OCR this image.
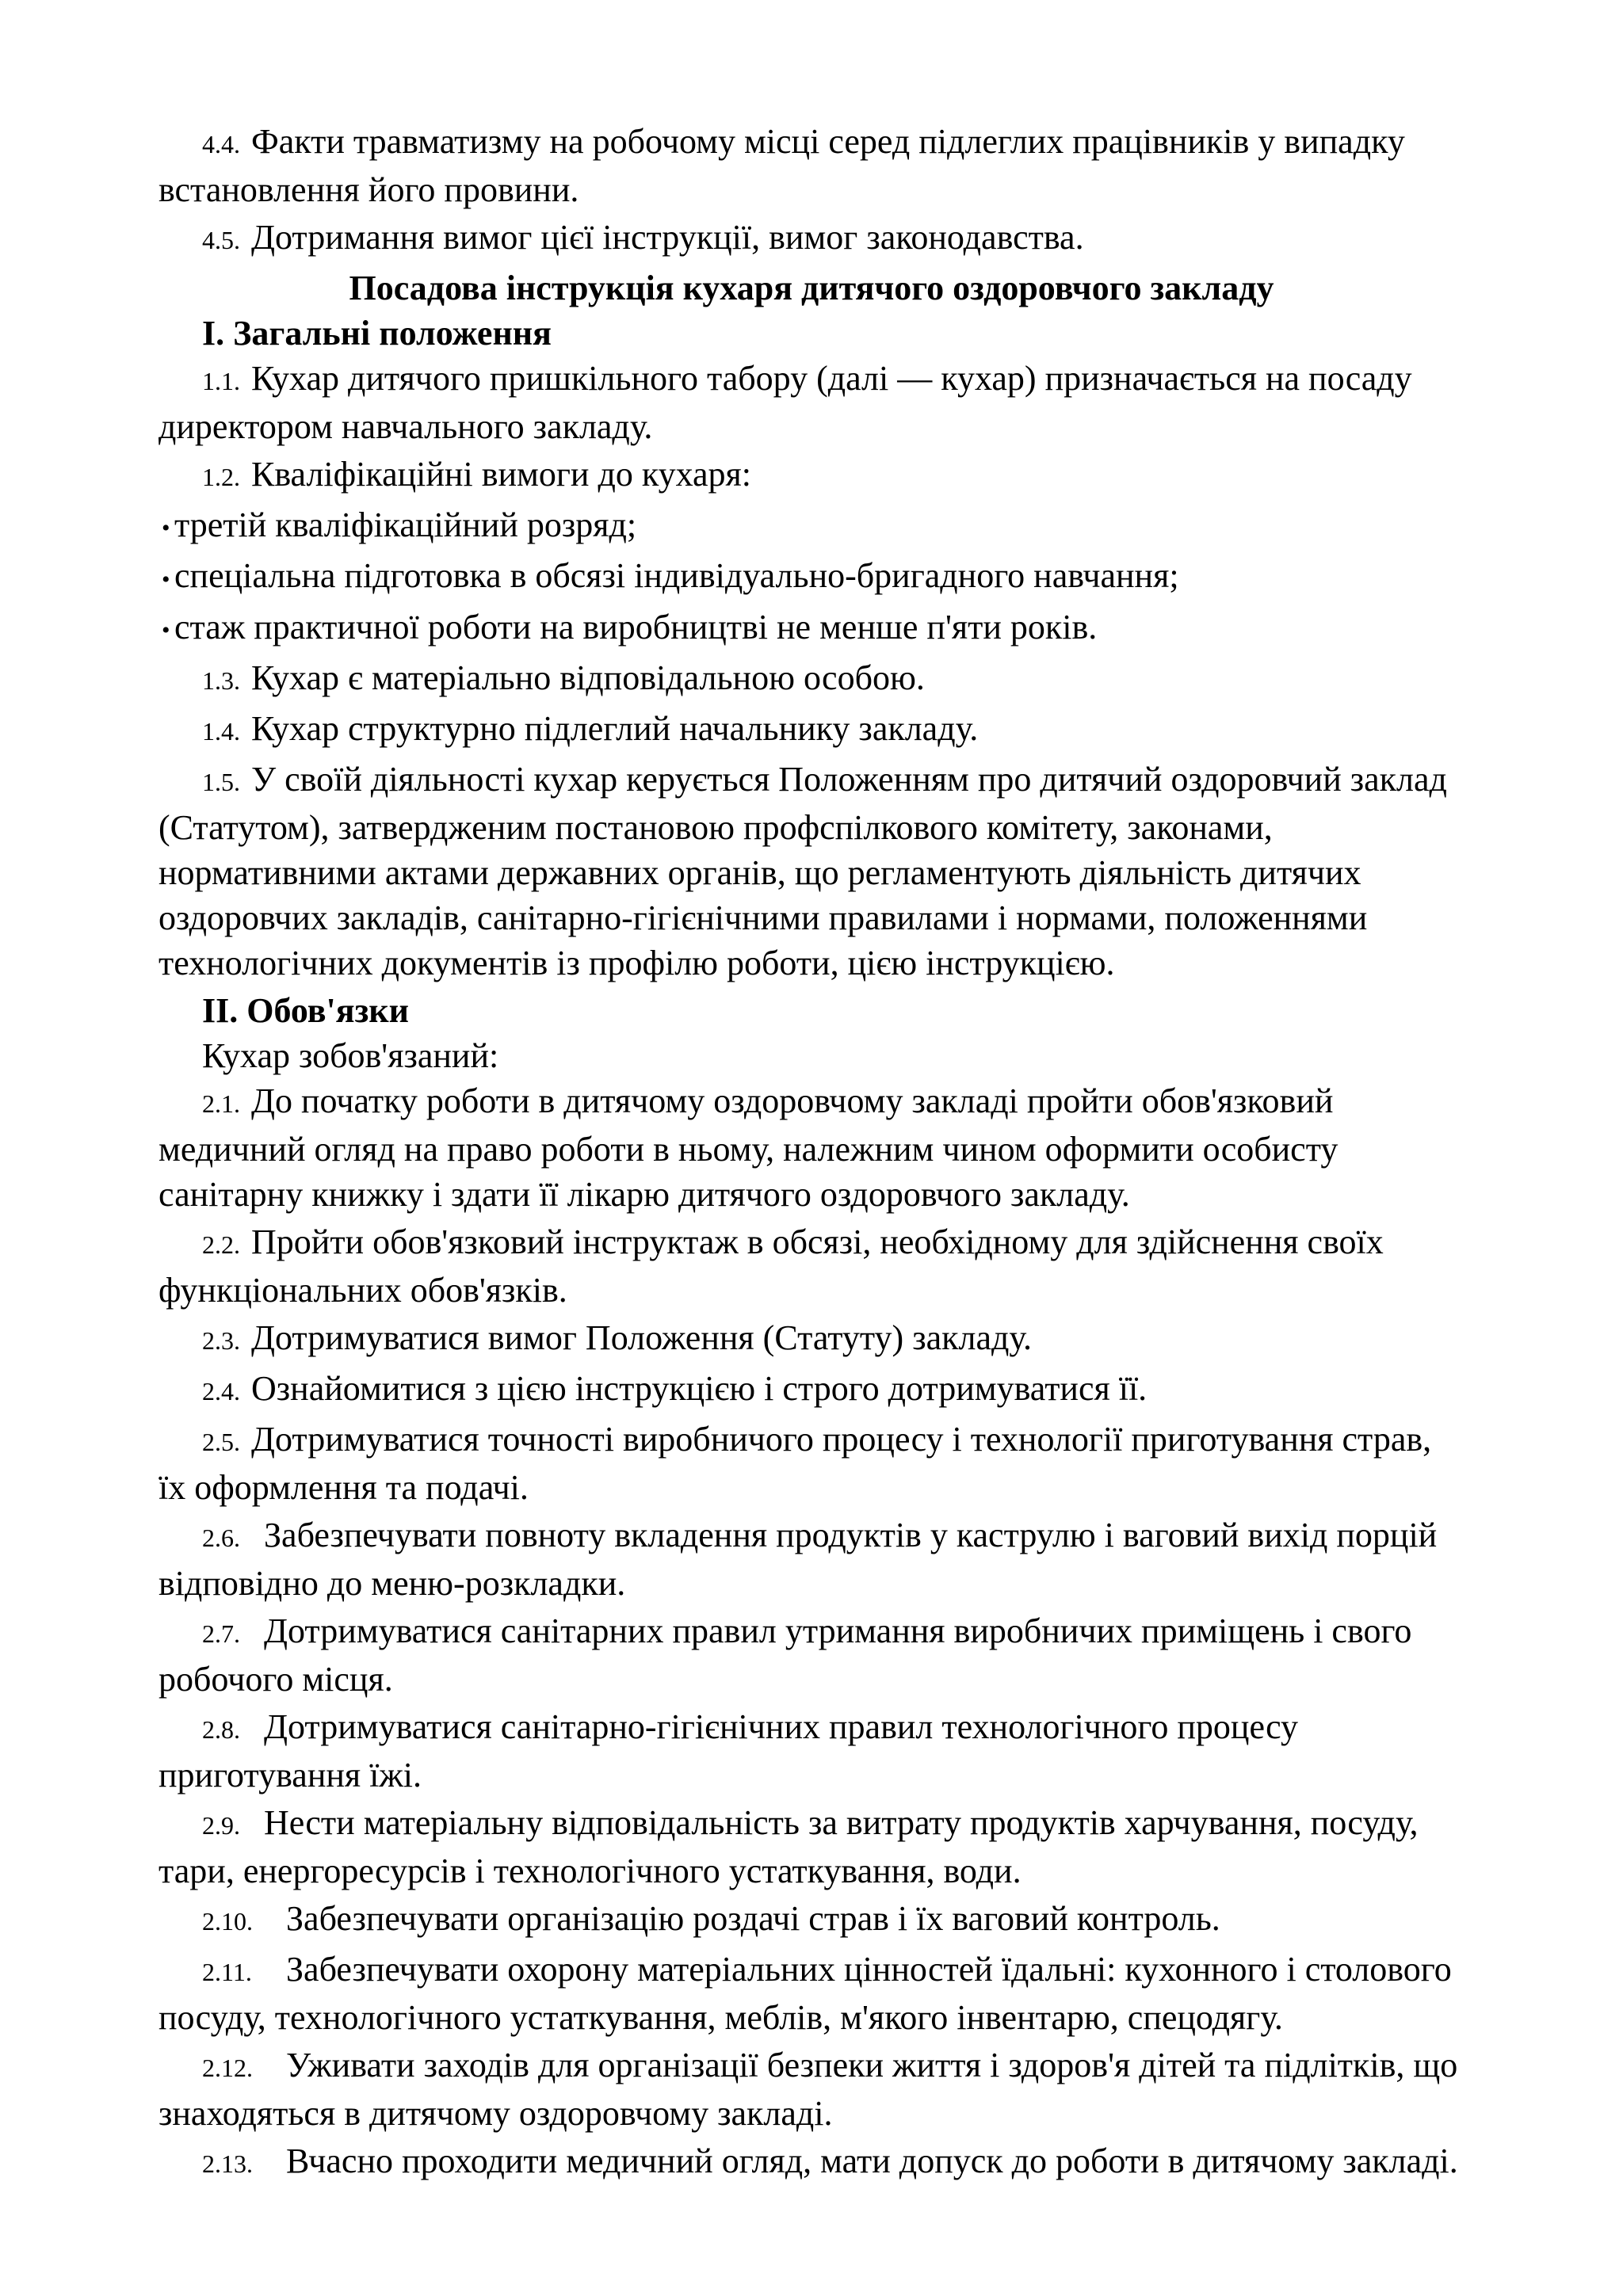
4.4. Факти травматизму на робочому місці серед підлеглих працівників у випадку встановлення його провини.

4.5. Дотримання вимог цієї інструкції, вимог законодавства.

Посадова інструкція кухаря дитячого оздоровчого закладу

І. Загальні положення

1.1. Кухар дитячого пришкільного табору (далі — кухар) призначається на посаду директором навчального закладу.

1.2. Кваліфікаційні вимоги до кухаря:

• третій кваліфікаційний розряд;

• спеціальна підготовка в обсязі індивідуально-бригадного навчання;

• стаж практичної роботи на виробництві не менше п'яти років.

1.3. Кухар є матеріально відповідальною особою.

1.4. Кухар структурно підлеглий начальнику закладу.

1.5. У своїй діяльності кухар керується Положенням про дитячий оздоровчий заклад (Статутом), затвердженим постановою профспілкового комітету, законами, нормативними актами державних органів, що регламентують діяльність дитячих оздоровчих закладів, санітарно-гігієнічними правилами і нормами, положеннями технологічних документів із профілю роботи, цією інструкцією.

ІІ. Обов'язки

Кухар зобов'язаний:

2.1. До початку роботи в дитячому оздоровчому закладі пройти обов'язковий медичний огляд на право роботи в ньому, належним чином оформити особисту санітарну книжку і здати її лікарю дитячого оздоровчого закладу.

2.2. Пройти обов'язковий інструктаж в обсязі, необхідному для здійснення своїх функціональних обов'язків.

2.3. Дотримуватися вимог Положення (Статуту) закладу.

2.4. Ознайомитися з цією інструкцією і строго дотримуватися її.

2.5. Дотримуватися точності виробничого процесу і технології приготування страв, їх оформлення та подачі.

2.6. Забезпечувати повноту вкладення продуктів у каструлю і ваговий вихід порцій відповідно до меню-розкладки.

2.7. Дотримуватися санітарних правил утримання виробничих приміщень і свого робочого місця.

2.8. Дотримуватися санітарно-гігієнічних правил технологічного процесу приготування їжі.

2.9. Нести матеріальну відповідальність за витрату продуктів харчування, посуду, тари, енергоресурсів і технологічного устаткування, води.

2.10. Забезпечувати організацію роздачі страв і їх ваговий контроль.

2.11. Забезпечувати охорону матеріальних цінностей їдальні: кухонного і столового посуду, технологічного устаткування, меблів, м'якого інвентарю, спецодягу.

2.12. Уживати заходів для організації безпеки життя і здоров'я дітей та підлітків, що знаходяться в дитячому оздоровчому закладі.

2.13. Вчасно проходити медичний огляд, мати допуск до роботи в дитячому закладі.
